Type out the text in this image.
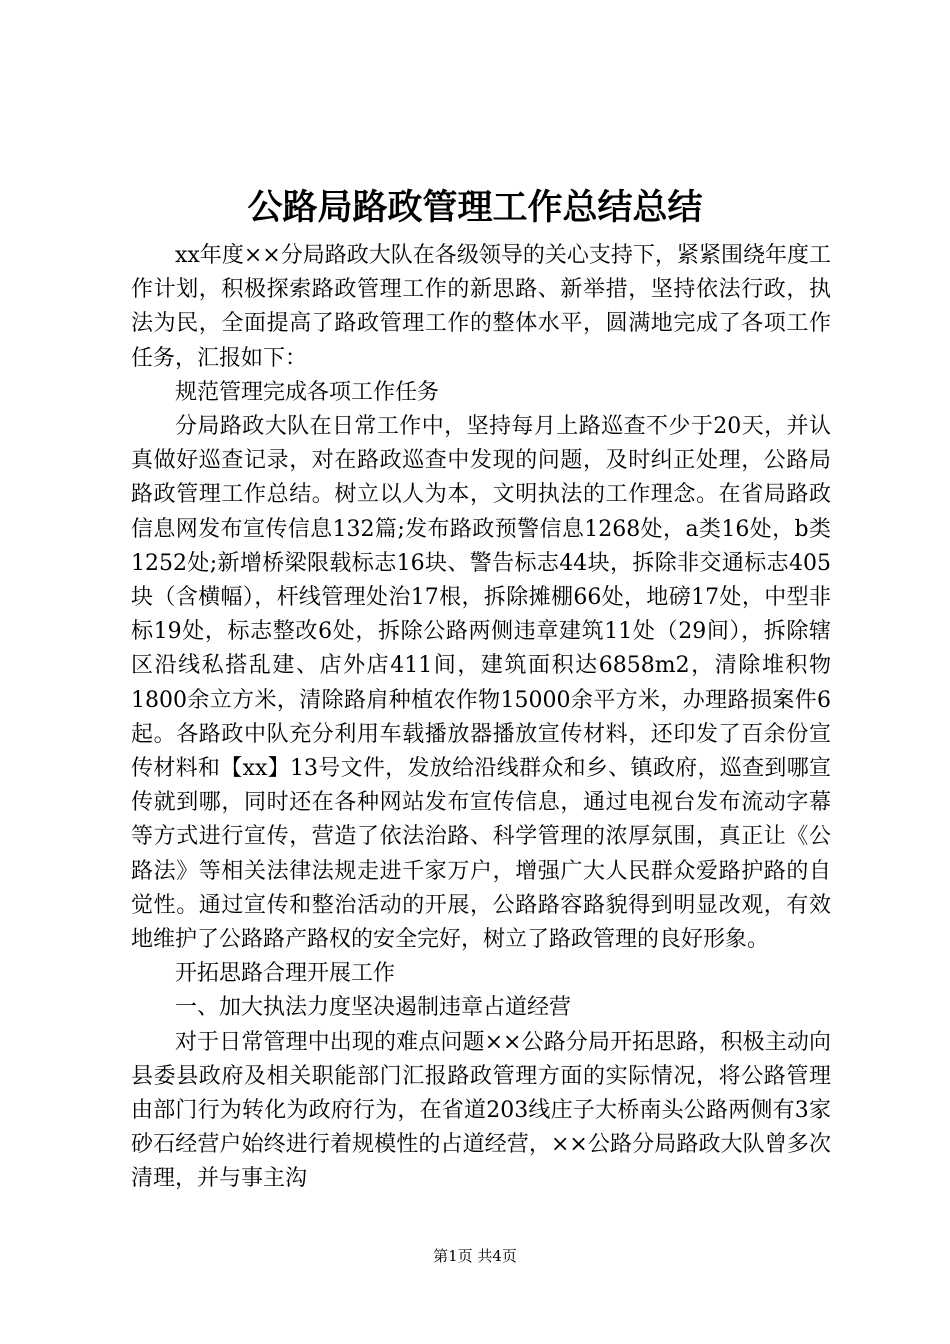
公路局路政管理工作总结总结

xx年度××分局路政大队在各级领导的关心支持下，紧紧围绕年度工作计划，积极探索路政管理工作的新思路、新举措，坚持依法行政，执法为民，全面提高了路政管理工作的整体水平，圆满地完成了各项工作任务，汇报如下：

规范管理完成各项工作任务

分局路政大队在日常工作中，坚持每月上路巡查不少于20天，并认真做好巡查记录，对在路政巡查中发现的问题，及时纠正处理，公路局路政管理工作总结。树立以人为本，文明执法的工作理念。在省局路政信息网发布宣传信息132篇;发布路政预警信息1268处，a类16处，b类1252处;新增桥梁限载标志16块、警告标志44块，拆除非交通标志405块（含横幅），杆线管理处治17根，拆除摊棚66处，地磅17处，中型非标19处，标志整改6处，拆除公路两侧违章建筑11处（29间），拆除辖区沿线私搭乱建、店外店411间，建筑面积达6858m2，清除堆积物1800余立方米，清除路肩种植农作物15000余平方米，办理路损案件6起。各路政中队充分利用车载播放器播放宣传材料，还印发了百余份宣传材料和【xx】13号文件，发放给沿线群众和乡、镇政府，巡查到哪宣传就到哪，同时还在各种网站发布宣传信息，通过电视台发布流动字幕等方式进行宣传，营造了依法治路、科学管理的浓厚氛围，真正让《公路法》等相关法律法规走进千家万户，增强广大人民群众爱路护路的自觉性。通过宣传和整治活动的开展，公路路容路貌得到明显改观，有效地维护了公路路产路权的安全完好，树立了路政管理的良好形象。

开拓思路合理开展工作

一、加大执法力度坚决遏制违章占道经营

对于日常管理中出现的难点问题××公路分局开拓思路，积极主动向县委县政府及相关职能部门汇报路政管理方面的实际情况，将公路管理由部门行为转化为政府行为，在省道203线庄子大桥南头公路两侧有3家砂石经营户始终进行着规模性的占道经营，××公路分局路政大队曾多次清理，并与事主沟

第1页 共4页
